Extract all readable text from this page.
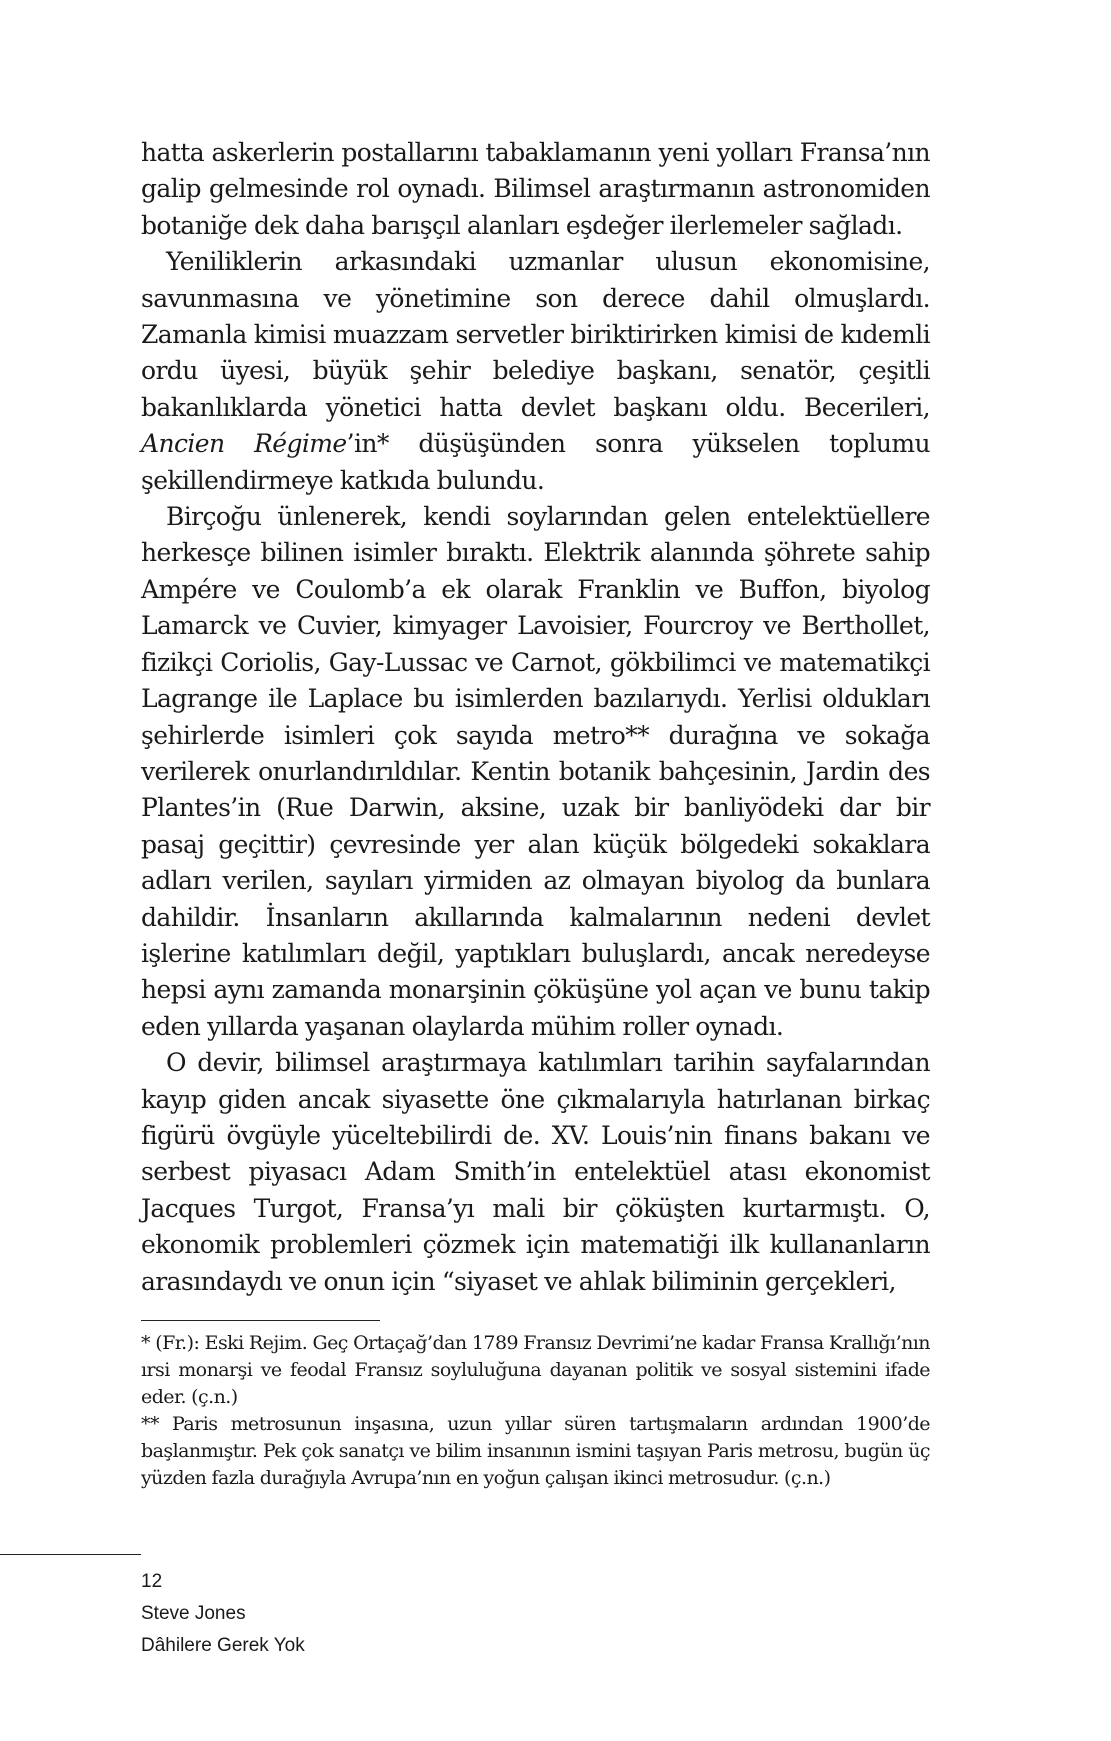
hatta askerlerin postallarını tabaklamanın yeni yolları Fransa’nın galip gelmesinde rol oynadı. Bilimsel araştırmanın astronomiden botaniğe dek daha barışçıl alanları eşdeğer ilerlemeler sağladı.

Yeniliklerin arkasındaki uzmanlar ulusun ekonomisine, savunmasına ve yönetimine son derece dahil olmuşlardı. Zamanla kimisi muazzam servetler biriktirirken kimisi de kıdemli ordu üyesi, büyük şehir belediye başkanı, senatör, çeşitli bakanlıklarda yönetici hatta devlet başkanı oldu. Becerileri, Ancien Régime’in* düşüşünden sonra yükselen toplumu şekillendirmeye katkıda bulundu.

Birçoğu ünlenerek, kendi soylarından gelen entelektüellere herkesçe bilinen isimler bıraktı. Elektrik alanında şöhrete sahip Ampére ve Coulomb’a ek olarak Franklin ve Buffon, biyolog Lamarck ve Cuvier, kimyager Lavoisier, Fourcroy ve Berthollet, fizikçi Coriolis, Gay-Lussac ve Carnot, gökbilimci ve matematikçi Lagrange ile Laplace bu isimlerden bazılarıydı. Yerlisi oldukları şehirlerde isimleri çok sayıda metro** durağına ve sokağa verilerek onurlandırıldılar. Kentin botanik bahçesinin, Jardin des Plantes’in (Rue Darwin, aksine, uzak bir banliyödeki dar bir pasaj geçittir) çevresinde yer alan küçük bölgedeki sokaklara adları verilen, sayıları yirmiden az olmayan biyolog da bunlara dahildir. İnsanların akıllarında kalmalarının nedeni devlet işlerine katılımları değil, yaptıkları buluşlardı, ancak neredeyse hepsi aynı zamanda monarşinin çöküşüne yol açan ve bunu takip eden yıllarda yaşanan olaylarda mühim roller oynadı.

O devir, bilimsel araştırmaya katılımları tarihin sayfalarından kayıp giden ancak siyasette öne çıkmalarıyla hatırlanan birkaç figürü övgüyle yüceltebilirdi de. XV. Louis’nin finans bakanı ve serbest piyasacı Adam Smith’in entelektüel atası ekonomist Jacques Turgot, Fransa’yı mali bir çöküşten kurtarmıştı. O, ekonomik problemleri çözmek için matematiği ilk kullananların arasındaydı ve onun için “siyaset ve ahlak biliminin gerçekleri,

* (Fr.): Eski Rejim. Geç Ortaçağ’dan 1789 Fransız Devrimi’ne kadar Fransa Krallığı’nın ırsi monarşi ve feodal Fransız soyluluğuna dayanan politik ve sosyal sistemini ifade eder. (ç.n.)

** Paris metrosunun inşasına, uzun yıllar süren tartışmaların ardından 1900’de başlanmıştır. Pek çok sanatçı ve bilim insanının ismini taşıyan Paris metrosu, bugün üç yüzden fazla durağıyla Avrupa’nın en yoğun çalışan ikinci metrosudur. (ç.n.)

12
Steve Jones
Dâhilere Gerek Yok
